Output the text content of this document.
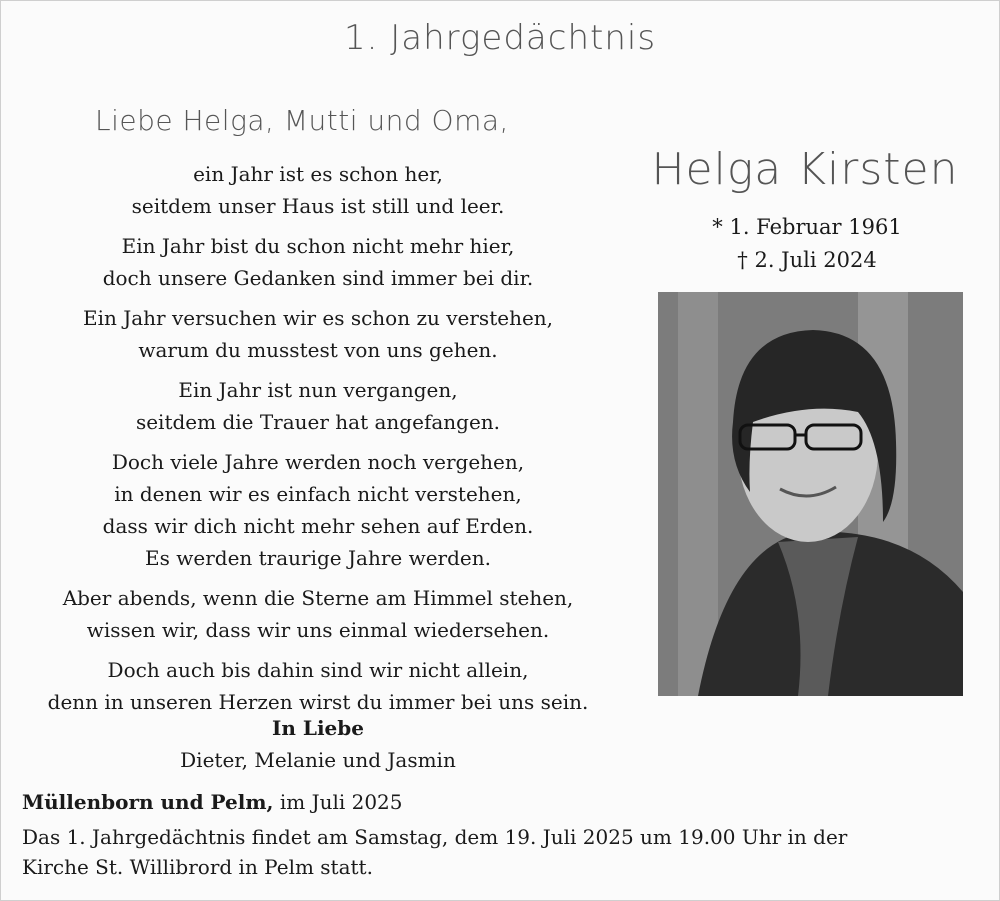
1. Jahrgedächtnis
Liebe Helga, Mutti und Oma,
ein Jahr ist es schon her,
seitdem unser Haus ist still und leer.
Ein Jahr bist du schon nicht mehr hier,
doch unsere Gedanken sind immer bei dir.
Ein Jahr versuchen wir es schon zu verstehen,
warum du musstest von uns gehen.
Ein Jahr ist nun vergangen,
seitdem die Trauer hat angefangen.
Doch viele Jahre werden noch vergehen,
in denen wir es einfach nicht verstehen,
dass wir dich nicht mehr sehen auf Erden.
Es werden traurige Jahre werden.
Aber abends, wenn die Sterne am Himmel stehen,
wissen wir, dass wir uns einmal wiedersehen.
Doch auch bis dahin sind wir nicht allein,
denn in unseren Herzen wirst du immer bei uns sein.
In Liebe
Dieter, Melanie und Jasmin
Helga Kirsten
* 1. Februar 1961
† 2. Juli 2024
Müllenborn und Pelm, im Juli 2025
Das 1. Jahrgedächtnis findet am Samstag, dem 19. Juli 2025 um 19.00 Uhr in der
Kirche St. Willibrord in Pelm statt.
